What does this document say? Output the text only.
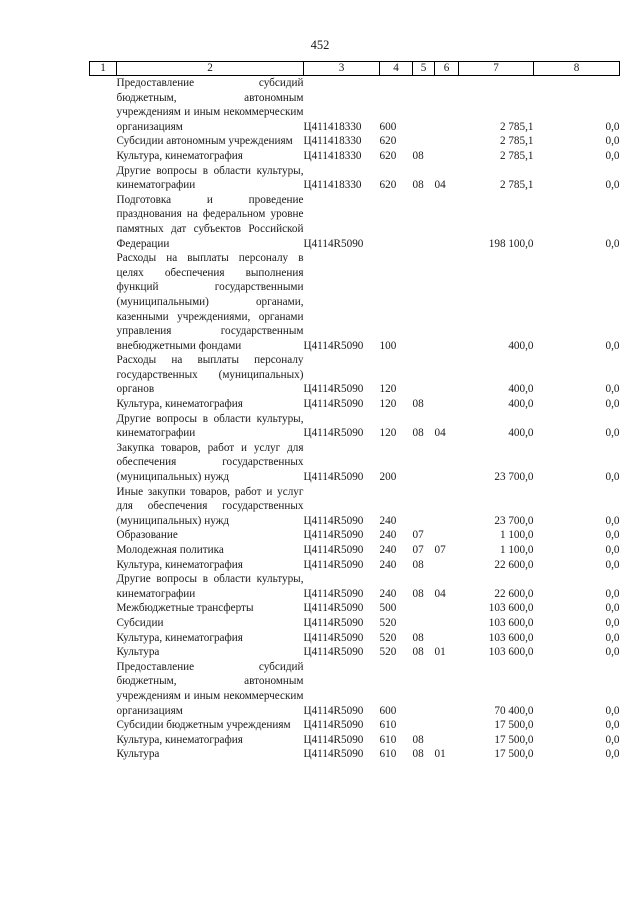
452
1	2	3	4	5	6	7	8
	Предоставление субсидий бюджетным, автономным учреждениям и иным некоммерческим организациям	Ц411418330	600			2 785,1	0,0
	Субсидии автономным учреждениям	Ц411418330	620			2 785,1	0,0
	Культура, кинематография	Ц411418330	620	08		2 785,1	0,0
	Другие вопросы в области культуры, кинематографии	Ц411418330	620	08	04	2 785,1	0,0
	Подготовка и проведение празднования на федеральном уровне памятных дат субъектов Российской Федерации	Ц4114R5090				198 100,0	0,0
	Расходы на выплаты персоналу в целях обеспечения выполнения функций государственными (муниципальными) органами, казенными учреждениями, органами управления государственным внебюджетными фондами	Ц4114R5090	100			400,0	0,0
	Расходы на выплаты персоналу государственных (муниципальных) органов	Ц4114R5090	120			400,0	0,0
	Культура, кинематография	Ц4114R5090	120	08		400,0	0,0
	Другие вопросы в области культуры, кинематографии	Ц4114R5090	120	08	04	400,0	0,0
	Закупка товаров, работ и услуг для обеспечения государственных (муниципальных) нужд	Ц4114R5090	200			23 700,0	0,0
	Иные закупки товаров, работ и услуг для обеспечения государственных (муниципальных) нужд	Ц4114R5090	240			23 700,0	0,0
	Образование	Ц4114R5090	240	07		1 100,0	0,0
	Молодежная политика	Ц4114R5090	240	07	07	1 100,0	0,0
	Культура, кинематография	Ц4114R5090	240	08		22 600,0	0,0
	Другие вопросы в области культуры, кинематографии	Ц4114R5090	240	08	04	22 600,0	0,0
	Межбюджетные трансферты	Ц4114R5090	500			103 600,0	0,0
	Субсидии	Ц4114R5090	520			103 600,0	0,0
	Культура, кинематография	Ц4114R5090	520	08		103 600,0	0,0
	Культура	Ц4114R5090	520	08	01	103 600,0	0,0
	Предоставление субсидий бюджетным, автономным учреждениям и иным некоммерческим организациям	Ц4114R5090	600			70 400,0	0,0
	Субсидии бюджетным учреждениям	Ц4114R5090	610			17 500,0	0,0
	Культура, кинематография	Ц4114R5090	610	08		17 500,0	0,0
	Культура	Ц4114R5090	610	08	01	17 500,0	0,0
